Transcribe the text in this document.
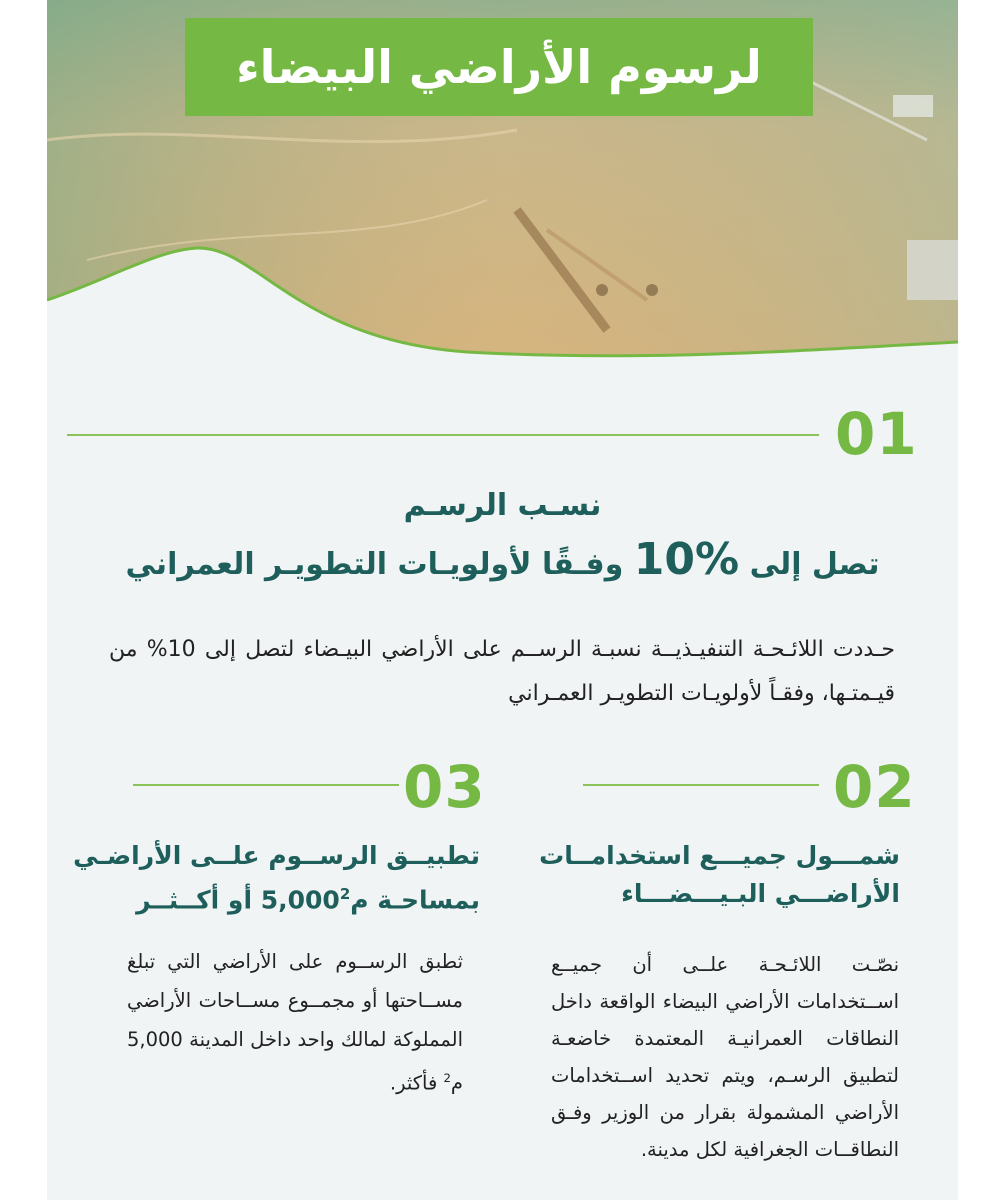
لرسوم الأراضي البيضاء
01
نسـب الرسـم
تصل إلى 10% وفـقًا لأولويـات التطويـر العمراني
حـددت اللائـحـة التنفيـذيــة نسبـة الرســم على الأراضي البيـضاء لتصل إلى 10% من قيـمتـها، وفقـاً لأولويـات التطويـر العمـراني
02
شمـــول جميـــع استخدامــات
الأراضـــي البـيـــضـــاء
نصّـت اللائـحـة علــى أن جميــع اســتخدامات الأراضي البيضاء الواقعة داخل النطاقات العمرانيـة المعتمدة خاضعـة لتطبيق الرسـم، ويتم تحديد اســتخدامات الأراضي المشمولة بقرار من الوزير وفـق النطاقــات الجغرافية لكل مدينة.
03
تطبيــق الرســوم علــى الأراضـي
بمساحـة 5,000م$^2$ أو أكــثــر
ثطبق الرســوم على الأراضي التي تبلغ مســاحتها أو مجمــوع مســاحات الأراضي المملوكة لمالك واحد داخل المدينة 5,000 م$^2$ فأكثر.
